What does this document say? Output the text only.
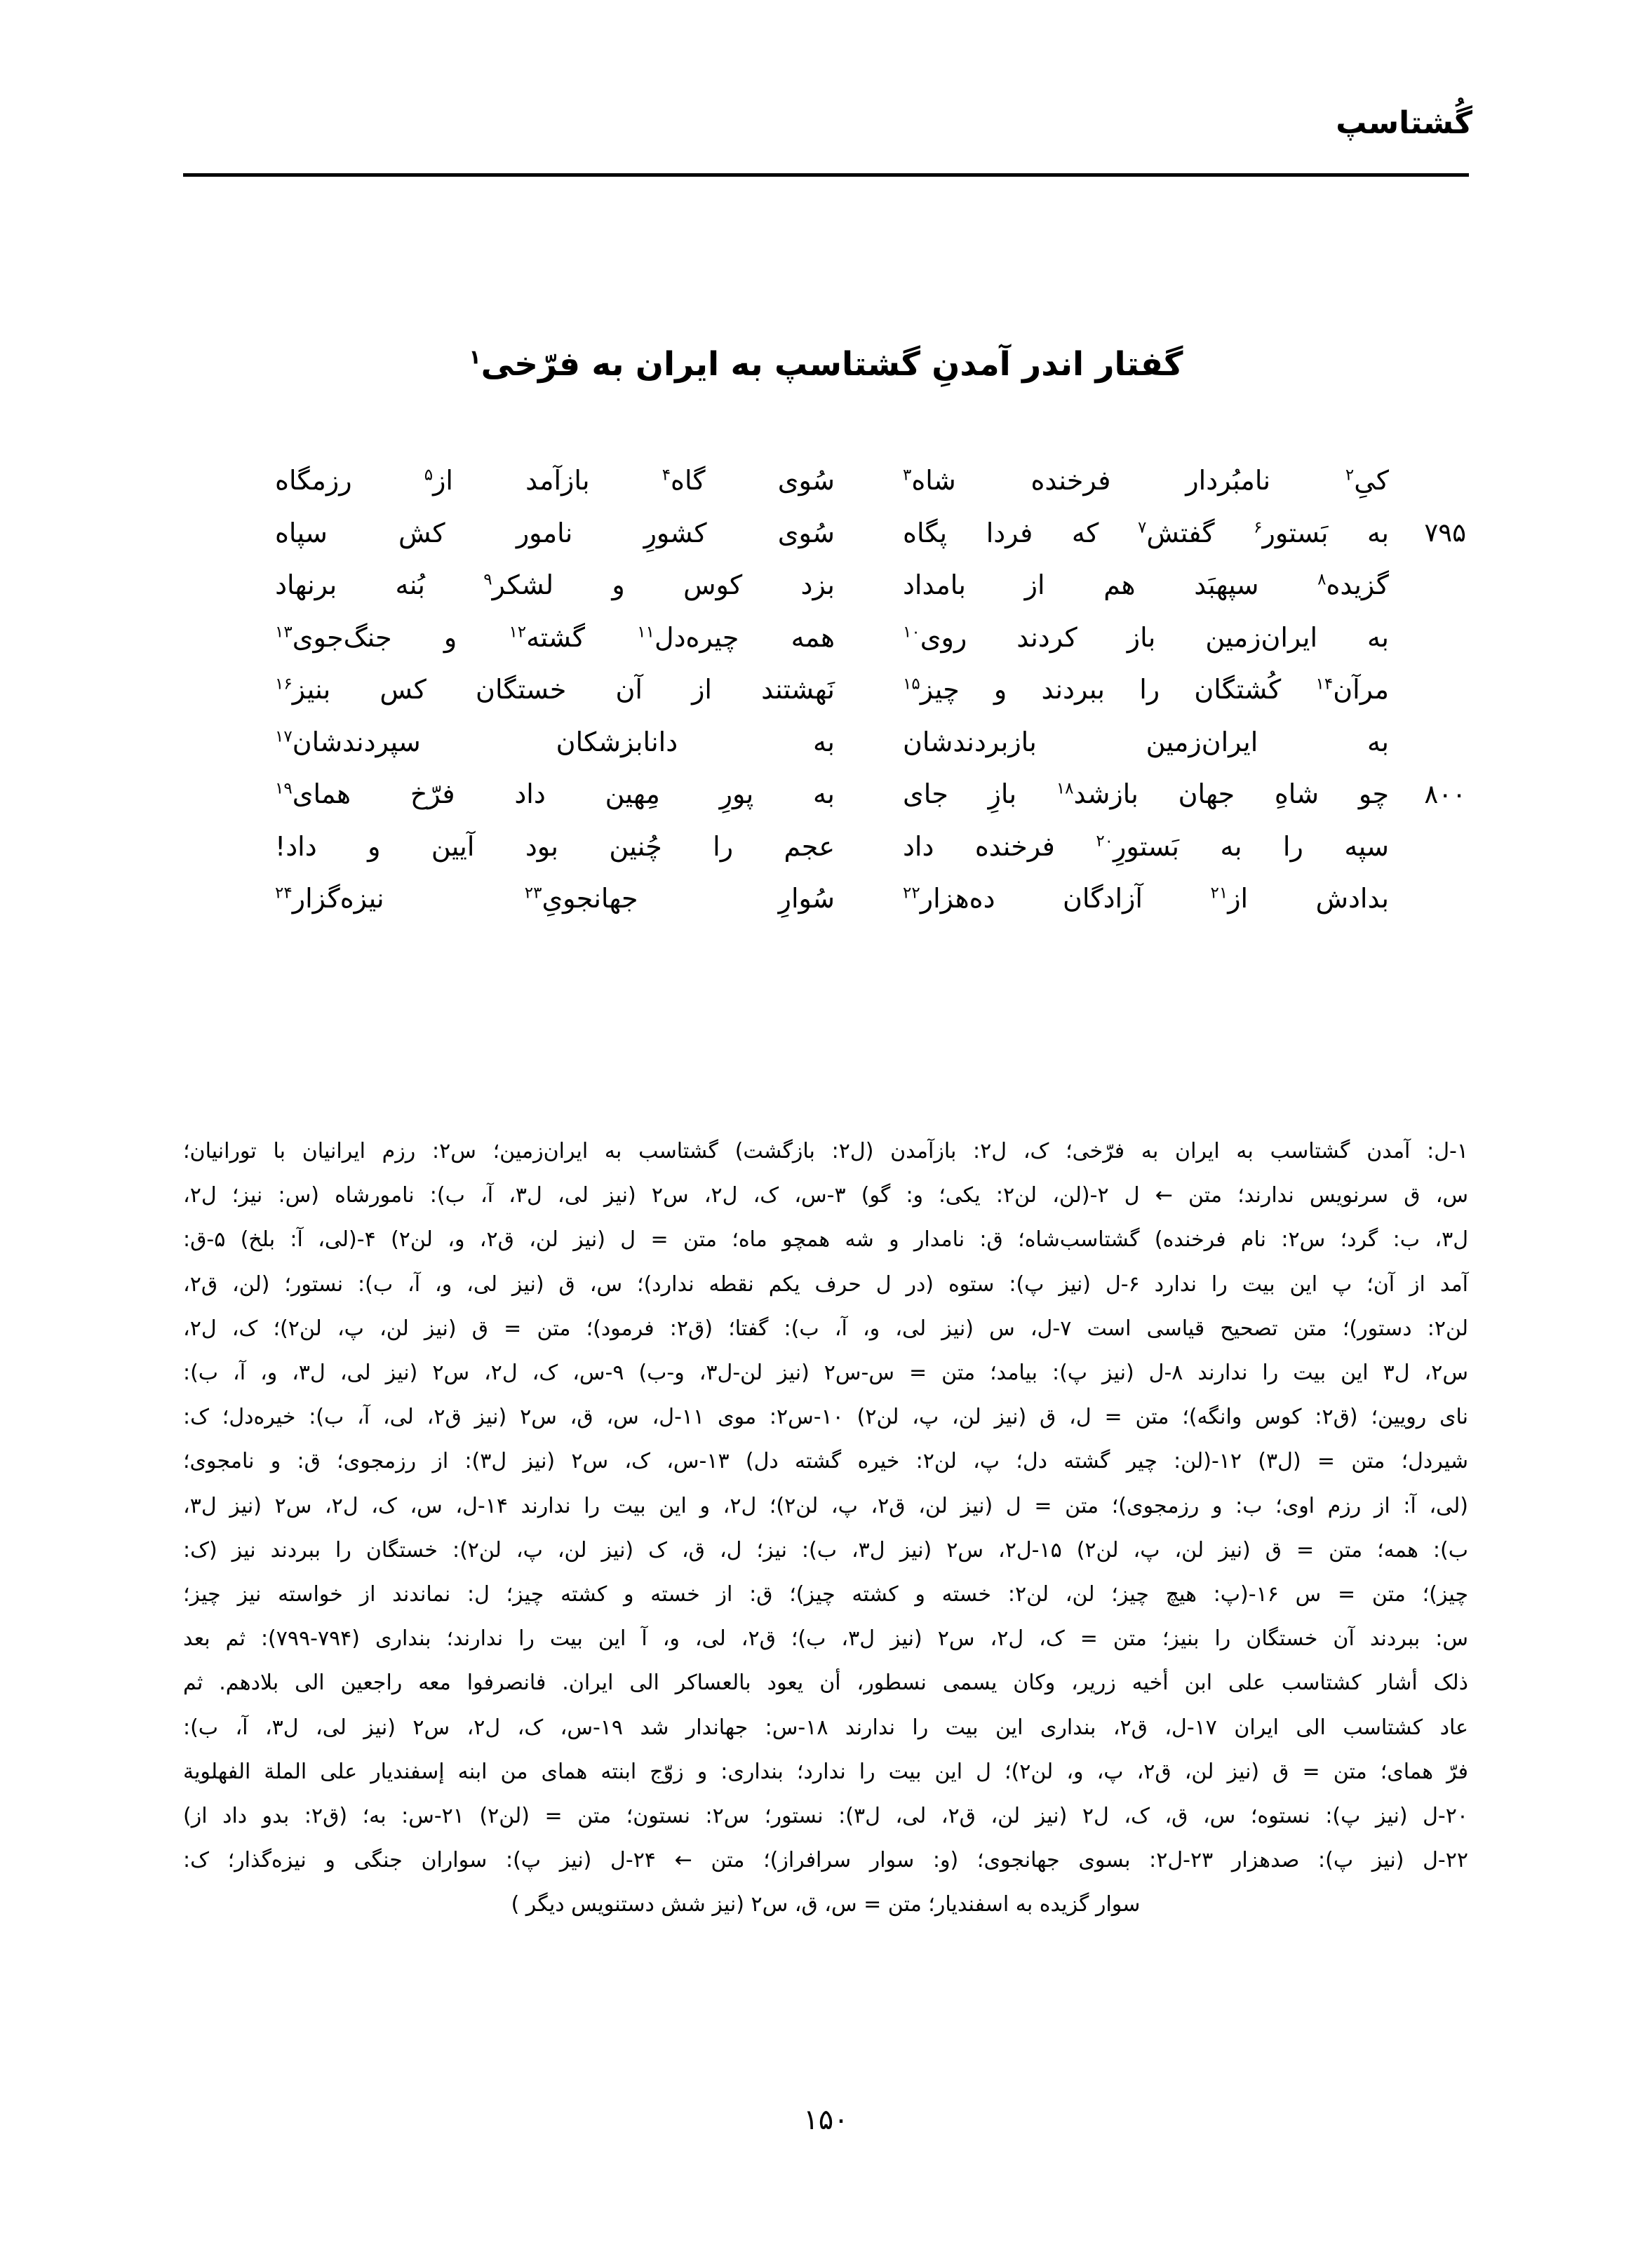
گُشتاسپ
گفتار اندر آمدنِ گشتاسپ به ایران به فرّخی$^۱$
کیِ$^۲$
نامبُردار
فرخنده
شاه$^۳$
سُوی
گاه$^۴$
بازآمد
از$^۵$
رزمگاه
۷۹۵
به
بَستور$^۶$
گفتش$^۷$
که
فردا
پگاه
سُوی
کشورِ
نامور
کش
سپاه
گزیده$^۸$
سپهبَد
هم
از
بامداد
بزد
کوس
و
لشکر$^۹$
بُنه
برنهاد
به
ایران‌زمین
باز
کردند
روی$^{۱۰}$
همه
چیره‌دل$^{۱۱}$
گشته$^{۱۲}$
و
جنگ‌جوی$^{۱۳}$
مرآن$^{۱۴}$
کُشتگان
را
ببردند
و
چیز$^{۱۵}$
نَهشتند
از
آن
خستگان
کس
بنیز$^{۱۶}$
به
ایران‌زمین
بازبردندشان
به
دانابزشکان
سپردندشان$^{۱۷}$
۸۰۰
چو
شاهِ
جهان
بازشد$^{۱۸}$
بازِ
جای
به
پورِ
مِهین
داد
فرّخ
همای$^{۱۹}$
سپه
را
به
بَستورِ$^{۲۰}$
فرخنده
داد
عجم
را
چُنین
بود
آیین
و
داد!
بدادش
از$^{۲۱}$
آزادگان
ده‌هزار$^{۲۲}$
سُوارِ
جهانجویِ$^{۲۳}$
نیزه‌گزار$^{۲۴}$
۱-ل: آمدن گشتاسب به ایران به فرّخی؛ ک، ل۲: بازآمدن (ل۲: بازگشت) گشتاسب به ایران‌زمین؛ س۲: رزم ایرانیان با تورانیان؛
س، ق سرنویس ندارند؛ متن ← ل ۲-(لن، لن۲: یکی؛ و: گو) ۳-س، ک، ل۲، س۲ (نیز لی، ل۳، آ، ب): نامورشاه (س: نیز؛ ل۲،
ل۳، ب: گرد؛ س۲: نام فرخنده) گشتاسب‌شاه؛ ق: نامدار و شه همچو ماه؛ متن = ل (نیز لن، ق۲، و، لن۲) ۴-(لی، آ: بلخ) ۵-ق:
آمد از آن؛ پ این بیت را ندارد ۶-ل (نیز پ): ستوه (در ل حرف یکم نقطه ندارد)؛ س، ق (نیز لی، و، آ، ب): نستور؛ (لن، ق۲،
لن۲: دستور)؛ متن تصحیح قیاسی است ۷-ل، س (نیز لی، و، آ، ب): گفتا؛ (ق۲: فرمود)؛ متن = ق (نیز لن، پ، لن۲)؛ ک، ل۲،
س۲، ل۳ این بیت را ندارند ۸-ل (نیز پ): بیامد؛ متن = س-س۲ (نیز لن-ل۳، و-ب) ۹-س، ک، ل۲، س۲ (نیز لی، ل۳، و، آ، ب):
نای رویین؛ (ق۲: کوس وانگه)؛ متن = ل، ق (نیز لن، پ، لن۲) ۱۰-س۲: موی ۱۱-ل، س، ق، س۲ (نیز ق۲، لی، آ، ب): خیره‌دل؛ ک:
شیردل؛ متن = (ل۳) ۱۲-(لن: چیر گشته دل؛ پ، لن۲: خیره گشته دل) ۱۳-س، ک، س۲ (نیز ل۳): از رزمجوی؛ ق: و نامجوی؛
(لی، آ: از رزم اوی؛ ب: و رزمجوی)؛ متن = ل (نیز لن، ق۲، پ، لن۲)؛ ل۲، و این بیت را ندارند ۱۴-ل، س، ک، ل۲، س۲ (نیز ل۳،
ب): همه؛ متن = ق (نیز لن، پ، لن۲) ۱۵-ل۲، س۲ (نیز ل۳، ب): نیز؛ ل، ق، ک (نیز لن، پ، لن۲): خستگان را ببردند نیز (ک:
چیز)؛ متن = س ۱۶-(پ: هیچ چیز؛ لن، لن۲: خسته و کشته چیز)؛ ق: از خسته و کشته چیز؛ ل: نماندند از خواسته نیز چیز؛
س: ببردند آن خستگان را بنیز؛ متن = ک، ل۲، س۲ (نیز ل۳، ب)؛ ق۲، لی، و، آ این بیت را ندارند؛ بنداری (۷۹۴-۷۹۹): ثم بعد
ذلک أشار کشتاسب علی ابن أخیه زریر، وکان یسمی نسطور، أن یعود بالعساکر الی ایران. فانصرفوا معه راجعین الی بلادهم. ثم
عاد کشتاسب الی ایران ۱۷-ل، ق۲، بنداری این بیت را ندارند ۱۸-س: جهاندار شد ۱۹-س، ک، ل۲، س۲ (نیز لی، ل۳، آ، ب):
فرّ همای؛ متن = ق (نیز لن، ق۲، پ، و، لن۲)؛ ل این بیت را ندارد؛ بنداری: و زوّج ابنته همای من ابنه إسفندیار علی الملة الفهلویة
۲۰-ل (نیز پ): نستوه؛ س، ق، ک، ل۲ (نیز لن، ق۲، لی، ل۳): نستور؛ س۲: نستون؛ متن = (لن۲) ۲۱-س: به؛ (ق۲: بدو داد از)
۲۲-ل (نیز پ): صدهزار ۲۳-ل۲: بسوی جهانجوی؛ (و: سوار سرافراز)؛ متن ← ۲۴-ل (نیز پ): سواران جنگی و نیزه‌گذار؛ ک:
سوار گزیده به اسفندیار؛ متن = س، ق، س۲ (نیز شش دستنویس دیگر )
۱۵۰
